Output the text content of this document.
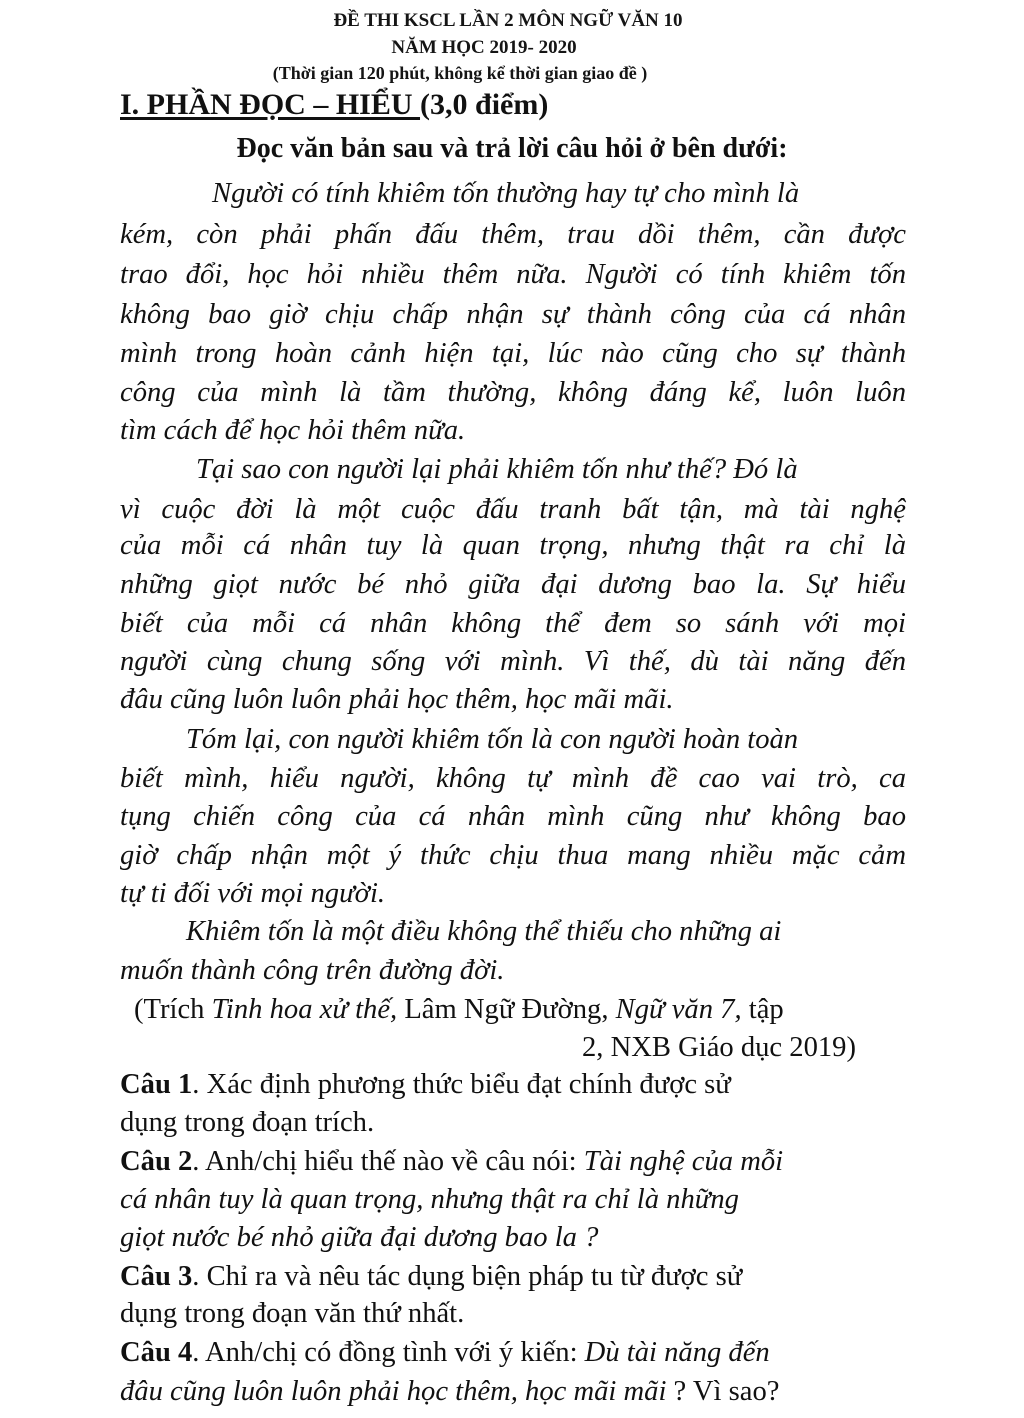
ĐỀ THI KSCL LẦN 2 MÔN NGỮ VĂN 10
NĂM HỌC 2019- 2020
(Thời gian 120 phút, không kể thời gian giao đề )
I. PHẦN ĐỌC – HIỂU (3,0 điểm)
Đọc văn bản sau và trả lời câu hỏi ở bên dưới:
Người có tính khiêm tốn thường hay tự cho mình là
kém, còn phải phấn đấu thêm, trau dồi thêm, cần được
trao đổi, học hỏi nhiều thêm nữa. Người có tính khiêm tốn
không bao giờ chịu chấp nhận sự thành công của cá nhân
mình trong hoàn cảnh hiện tại, lúc nào cũng cho sự thành
công của mình là tầm thường, không đáng kể, luôn luôn
tìm cách để học hỏi thêm nữa.
Tại sao con người lại phải khiêm tốn như thế? Đó là
vì cuộc đời là một cuộc đấu tranh bất tận, mà tài nghệ
của mỗi cá nhân tuy là quan trọng, nhưng thật ra chỉ là
những giọt nước bé nhỏ giữa đại dương bao la. Sự hiểu
biết của mỗi cá nhân không thể đem so sánh với mọi
người cùng chung sống với mình. Vì thế, dù tài năng đến
đâu cũng luôn luôn phải học thêm, học mãi mãi.
Tóm lại, con người khiêm tốn là con người hoàn toàn
biết mình, hiểu người, không tự mình đề cao vai trò, ca
tụng chiến công của cá nhân mình cũng như không bao
giờ chấp nhận một ý thức chịu thua mang nhiều mặc cảm
tự ti đối với mọi người.
Khiêm tốn là một điều không thể thiếu cho những ai
muốn thành công trên đường đời.
(Trích Tinh hoa xử thế, Lâm Ngữ Đường, Ngữ văn 7, tập
2, NXB Giáo dục 2019)
Câu 1. Xác định phương thức biểu đạt chính được sử
dụng trong đoạn trích.
Câu 2. Anh/chị hiểu thế nào về câu nói: Tài nghệ của mỗi
cá nhân tuy là quan trọng, nhưng thật ra chỉ là những
giọt nước bé nhỏ giữa đại dương bao la ?
Câu 3. Chỉ ra và nêu tác dụng biện pháp tu từ được sử
dụng trong đoạn văn thứ nhất.
Câu 4. Anh/chị có đồng tình với ý kiến: Dù tài năng đến
đâu cũng luôn luôn phải học thêm, học mãi mãi ? Vì sao?
